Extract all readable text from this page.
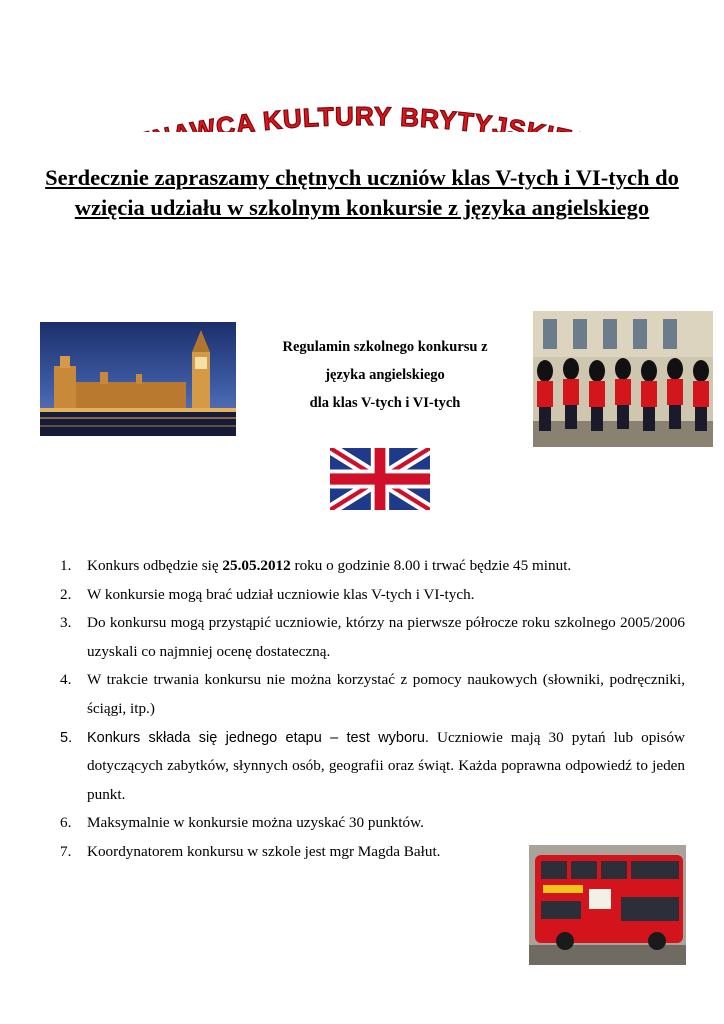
WCA KULTURY BRYTYJS
Serdecznie zapraszamy chętnych uczniów klas V-tych i VI-tych do wzięcia udziału w szkolnym konkursie z języka angielskiego
Regulamin szkolnego konkursu z
języka angielskiego
dla klas V-tych i VI-tych
1. Konkurs odbędzie się 25.05.2012 roku o godzinie 8.00 i trwać będzie 45 minut.
2. W konkursie mogą brać udział uczniowie klas V-tych i VI-tych.
3. Do konkursu mogą przystąpić uczniowie, którzy na pierwsze półrocze roku szkolnego 2005/2006 uzyskali co najmniej ocenę dostateczną.
4. W trakcie trwania konkursu nie można korzystać z pomocy naukowych (słowniki, podręczniki, ściągi, itp.)
5. Konkurs składa się jednego etapu – test wyboru. Uczniowie mają 30 pytań lub opisów dotyczących zabytków, słynnych osób, geografii oraz świąt. Każda poprawna odpowiedź to jeden punkt.
6. Maksymalnie w konkursie można uzyskać 30 punktów.
7. Koordynatorem konkursu w szkole jest mgr Magda Bałut.
